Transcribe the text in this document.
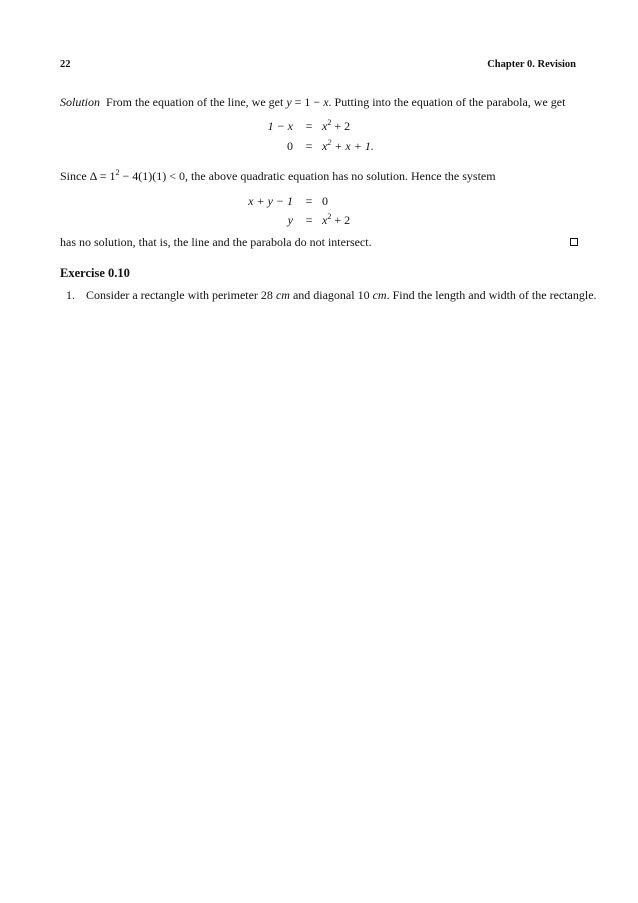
22	Chapter 0. Revision
Solution From the equation of the line, we get y = 1 − x. Putting into the equation of the parabola, we get
1 − x	= $x^2 + 2$
0	= $x^2 + x + 1$.
Since $\Delta = 1^2 - 4(1)(1) < 0$, the above quadratic equation has no solution. Hence the system
x + y − 1	= 0
y	= $x^2 + 2$
has no solution, that is, the line and the parabola do not intersect.
Exercise 0.10
1. Consider a rectangle with perimeter 28 cm and diagonal 10 cm. Find the length and width of the rectangle.
